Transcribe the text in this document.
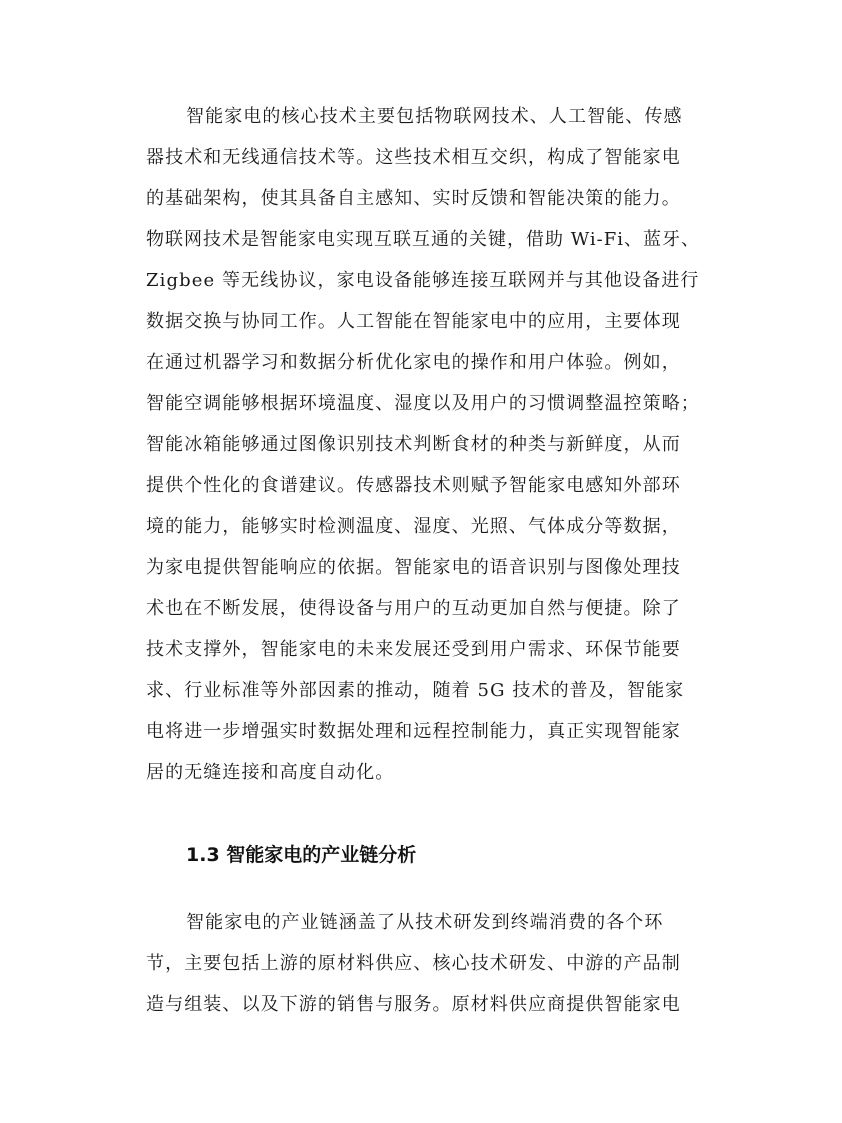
智能家电的核心技术主要包括物联网技术、人工智能、传感
器技术和无线通信技术等。这些技术相互交织，构成了智能家电
的基础架构，使其具备自主感知、实时反馈和智能决策的能力。
物联网技术是智能家电实现互联互通的关键，借助 Wi-Fi、蓝牙、
Zigbee 等无线协议，家电设备能够连接互联网并与其他设备进行
数据交换与协同工作。人工智能在智能家电中的应用，主要体现
在通过机器学习和数据分析优化家电的操作和用户体验。例如，
智能空调能够根据环境温度、湿度以及用户的习惯调整温控策略；
智能冰箱能够通过图像识别技术判断食材的种类与新鲜度，从而
提供个性化的食谱建议。传感器技术则赋予智能家电感知外部环
境的能力，能够实时检测温度、湿度、光照、气体成分等数据，
为家电提供智能响应的依据。智能家电的语音识别与图像处理技
术也在不断发展，使得设备与用户的互动更加自然与便捷。除了
技术支撑外，智能家电的未来发展还受到用户需求、环保节能要
求、行业标准等外部因素的推动，随着 5G 技术的普及，智能家
电将进一步增强实时数据处理和远程控制能力，真正实现智能家
居的无缝连接和高度自动化。
1.3 智能家电的产业链分析
智能家电的产业链涵盖了从技术研发到终端消费的各个环
节，主要包括上游的原材料供应、核心技术研发、中游的产品制
造与组装、以及下游的销售与服务。原材料供应商提供智能家电
